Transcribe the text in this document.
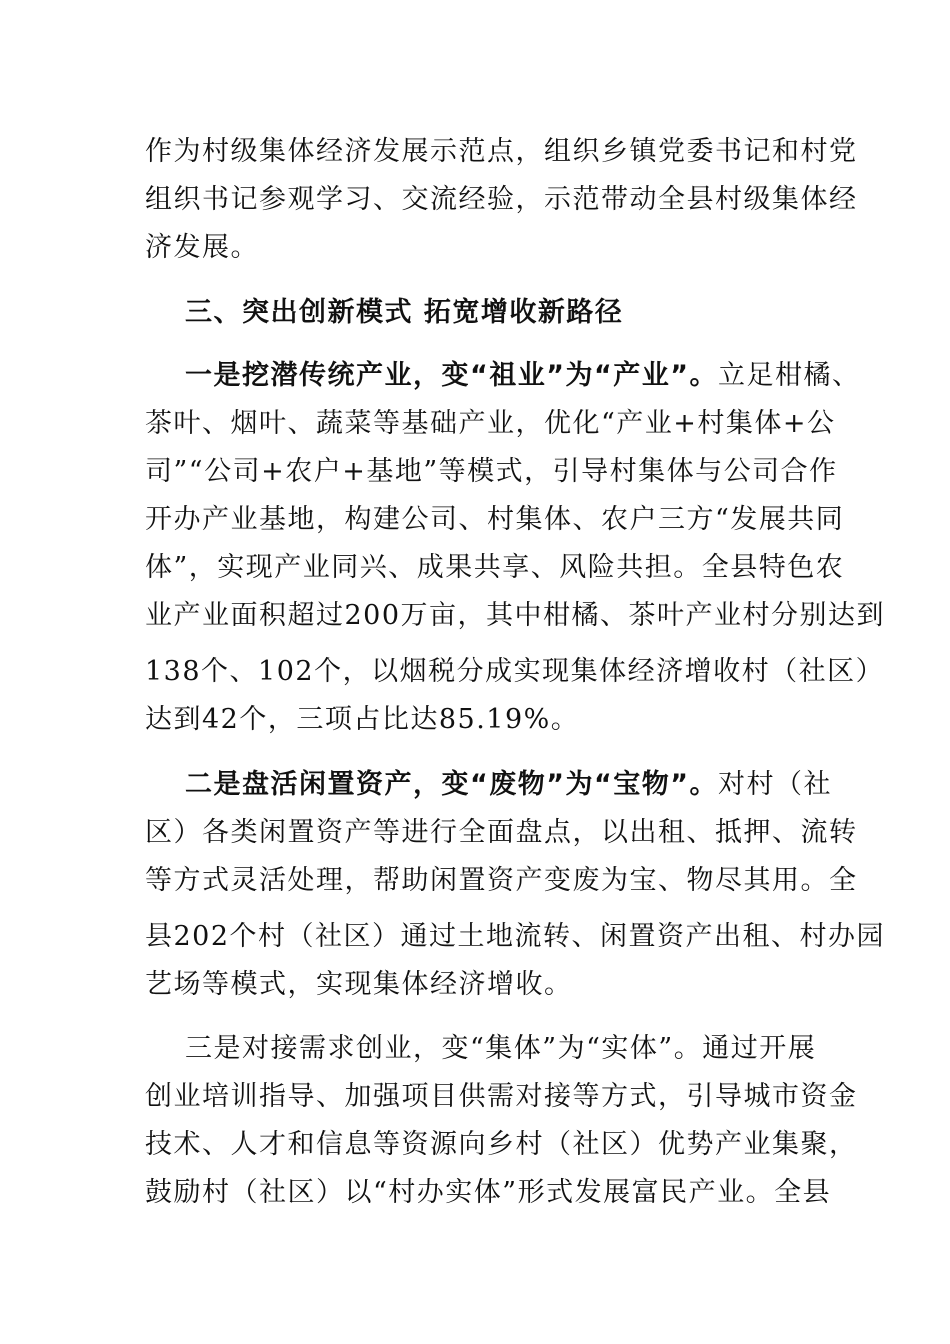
作为村级集体经济发展示范点，组织乡镇党委书记和村党
组织书记参观学习、交流经验，示范带动全县村级集体经
济发展。
三、突出创新模式 拓宽增收新路径
一是挖潜传统产业，变“祖业”为“产业”。立足柑橘、
茶叶、烟叶、蔬菜等基础产业，优化“产业+村集体+公
司”“公司+农户+基地”等模式，引导村集体与公司合作
开办产业基地，构建公司、村集体、农户三方“发展共同
体”，实现产业同兴、成果共享、风险共担。全县特色农
业产业面积超过200万亩，其中柑橘、茶叶产业村分别达到
138个、102个，以烟税分成实现集体经济增收村（社区）
达到42个，三项占比达85.19%。
二是盘活闲置资产，变“废物”为“宝物”。对村（社
区）各类闲置资产等进行全面盘点，以出租、抵押、流转
等方式灵活处理，帮助闲置资产变废为宝、物尽其用。全
县202个村（社区）通过土地流转、闲置资产出租、村办园
艺场等模式，实现集体经济增收。
三是对接需求创业，变“集体”为“实体”。通过开展
创业培训指导、加强项目供需对接等方式，引导城市资金
技术、人才和信息等资源向乡村（社区）优势产业集聚，
鼓励村（社区）以“村办实体”形式发展富民产业。全县
